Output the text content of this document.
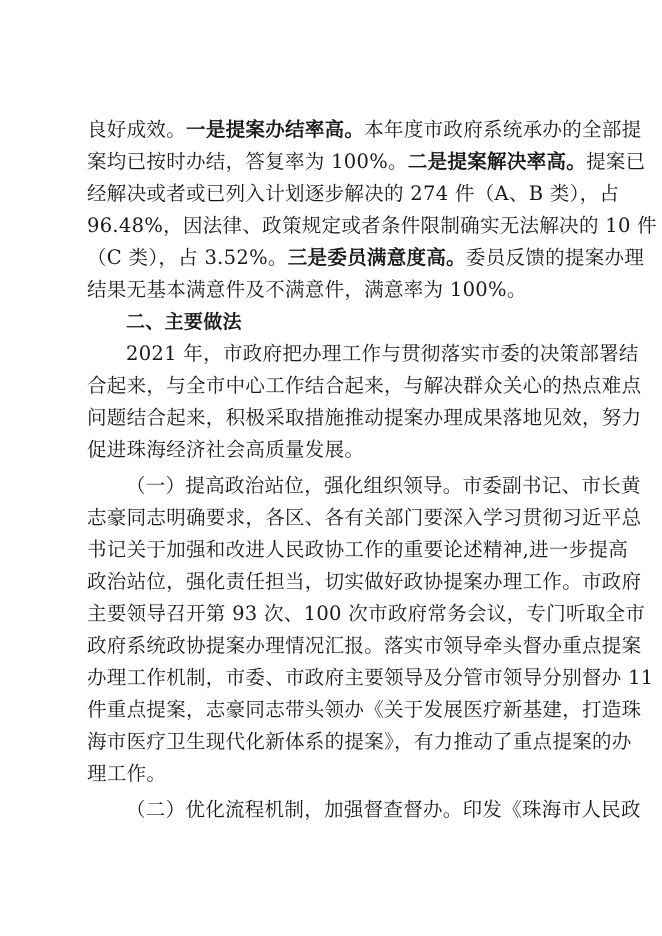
良好成效。一是提案办结率高。本年度市政府系统承办的全部提
案均已按时办结，答复率为 100%。二是提案解决率高。提案已
经解决或者或已列入计划逐步解决的 274 件（A、B 类），占
96.48%，因法律、政策规定或者条件限制确实无法解决的 10 件
（C 类），占 3.52%。三是委员满意度高。委员反馈的提案办理
结果无基本满意件及不满意件，满意率为 100%。
二、主要做法
2021 年，市政府把办理工作与贯彻落实市委的决策部署结
合起来，与全市中心工作结合起来，与解决群众关心的热点难点
问题结合起来，积极采取措施推动提案办理成果落地见效，努力
促进珠海经济社会高质量发展。
（一）提高政治站位，强化组织领导。市委副书记、市长黄
志豪同志明确要求，各区、各有关部门要深入学习贯彻习近平总
书记关于加强和改进人民政协工作的重要论述精神,进一步提高
政治站位，强化责任担当，切实做好政协提案办理工作。市政府
主要领导召开第 93 次、100 次市政府常务会议，专门听取全市
政府系统政协提案办理情况汇报。落实市领导牵头督办重点提案
办理工作机制，市委、市政府主要领导及分管市领导分别督办 11
件重点提案，志豪同志带头领办《关于发展医疗新基建，打造珠
海市医疗卫生现代化新体系的提案》，有力推动了重点提案的办
理工作。
（二）优化流程机制，加强督查督办。印发《珠海市人民政
